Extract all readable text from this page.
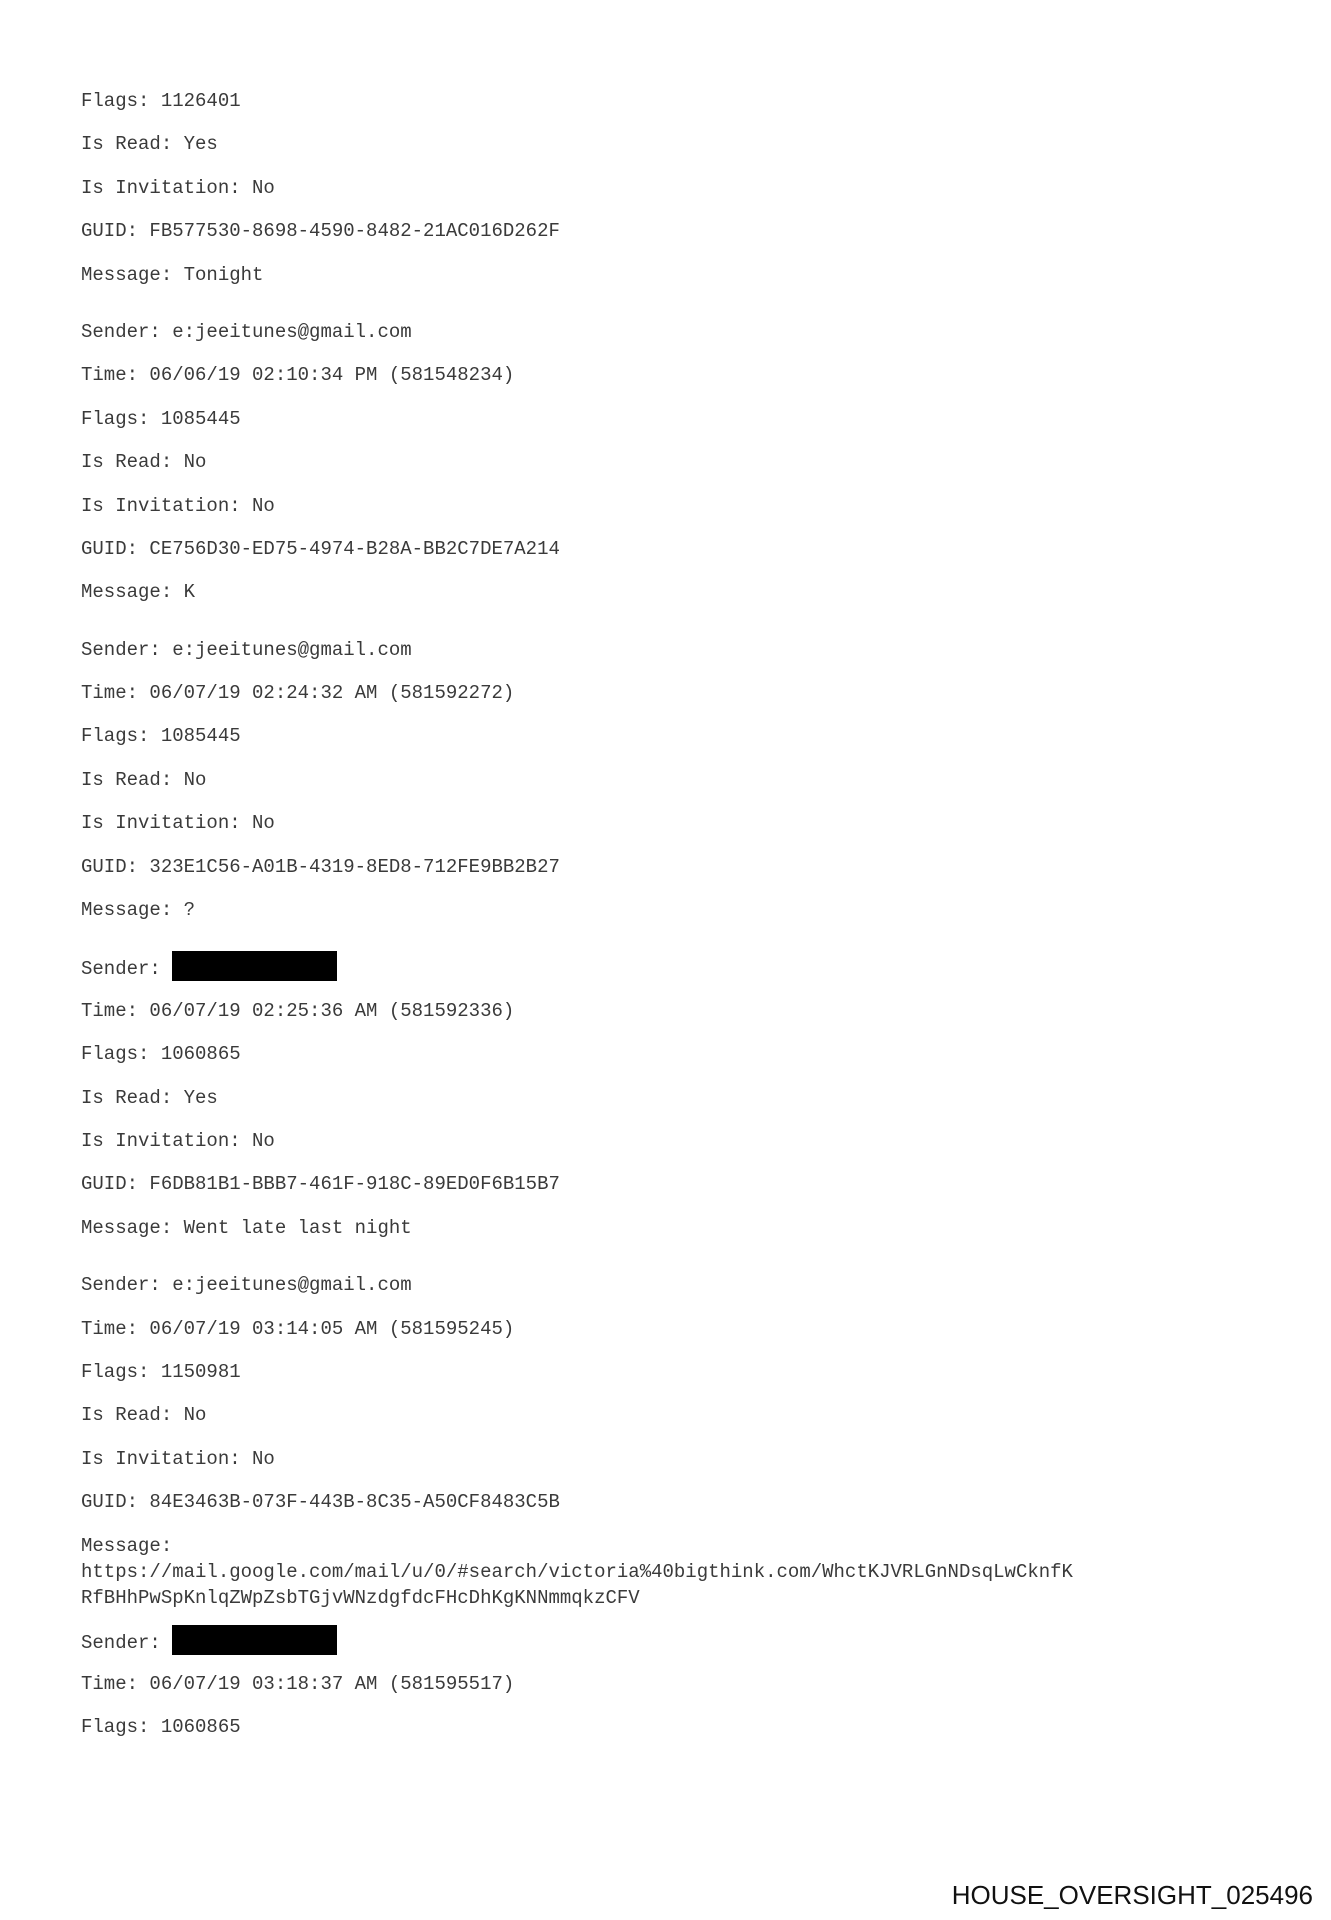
Flags: 1126401
Is Read: Yes
Is Invitation: No
GUID: FB577530-8698-4590-8482-21AC016D262F
Message: Tonight
Sender: e:jeeitunes@gmail.com
Time: 06/06/19 02:10:34 PM (581548234)
Flags: 1085445
Is Read: No
Is Invitation: No
GUID: CE756D30-ED75-4974-B28A-BB2C7DE7A214
Message: K
Sender: e:jeeitunes@gmail.com
Time: 06/07/19 02:24:32 AM (581592272)
Flags: 1085445
Is Read: No
Is Invitation: No
GUID: 323E1C56-A01B-4319-8ED8-712FE9BB2B27
Message: ?
Sender:
Time: 06/07/19 02:25:36 AM (581592336)
Flags: 1060865
Is Read: Yes
Is Invitation: No
GUID: F6DB81B1-BBB7-461F-918C-89ED0F6B15B7
Message: Went late last night
Sender: e:jeeitunes@gmail.com
Time: 06/07/19 03:14:05 AM (581595245)
Flags: 1150981
Is Read: No
Is Invitation: No
GUID: 84E3463B-073F-443B-8C35-A50CF8483C5B
Message:
https://mail.google.com/mail/u/0/#search/victoria%40bigthink.com/WhctKJVRLGnNDsqLwCknfK
RfBHhPwSpKnlqZWpZsbTGjvWNzdgfdcFHcDhKgKNNmmqkzCFV
Sender:
Time: 06/07/19 03:18:37 AM (581595517)
Flags: 1060865
HOUSE_OVERSIGHT_025496
